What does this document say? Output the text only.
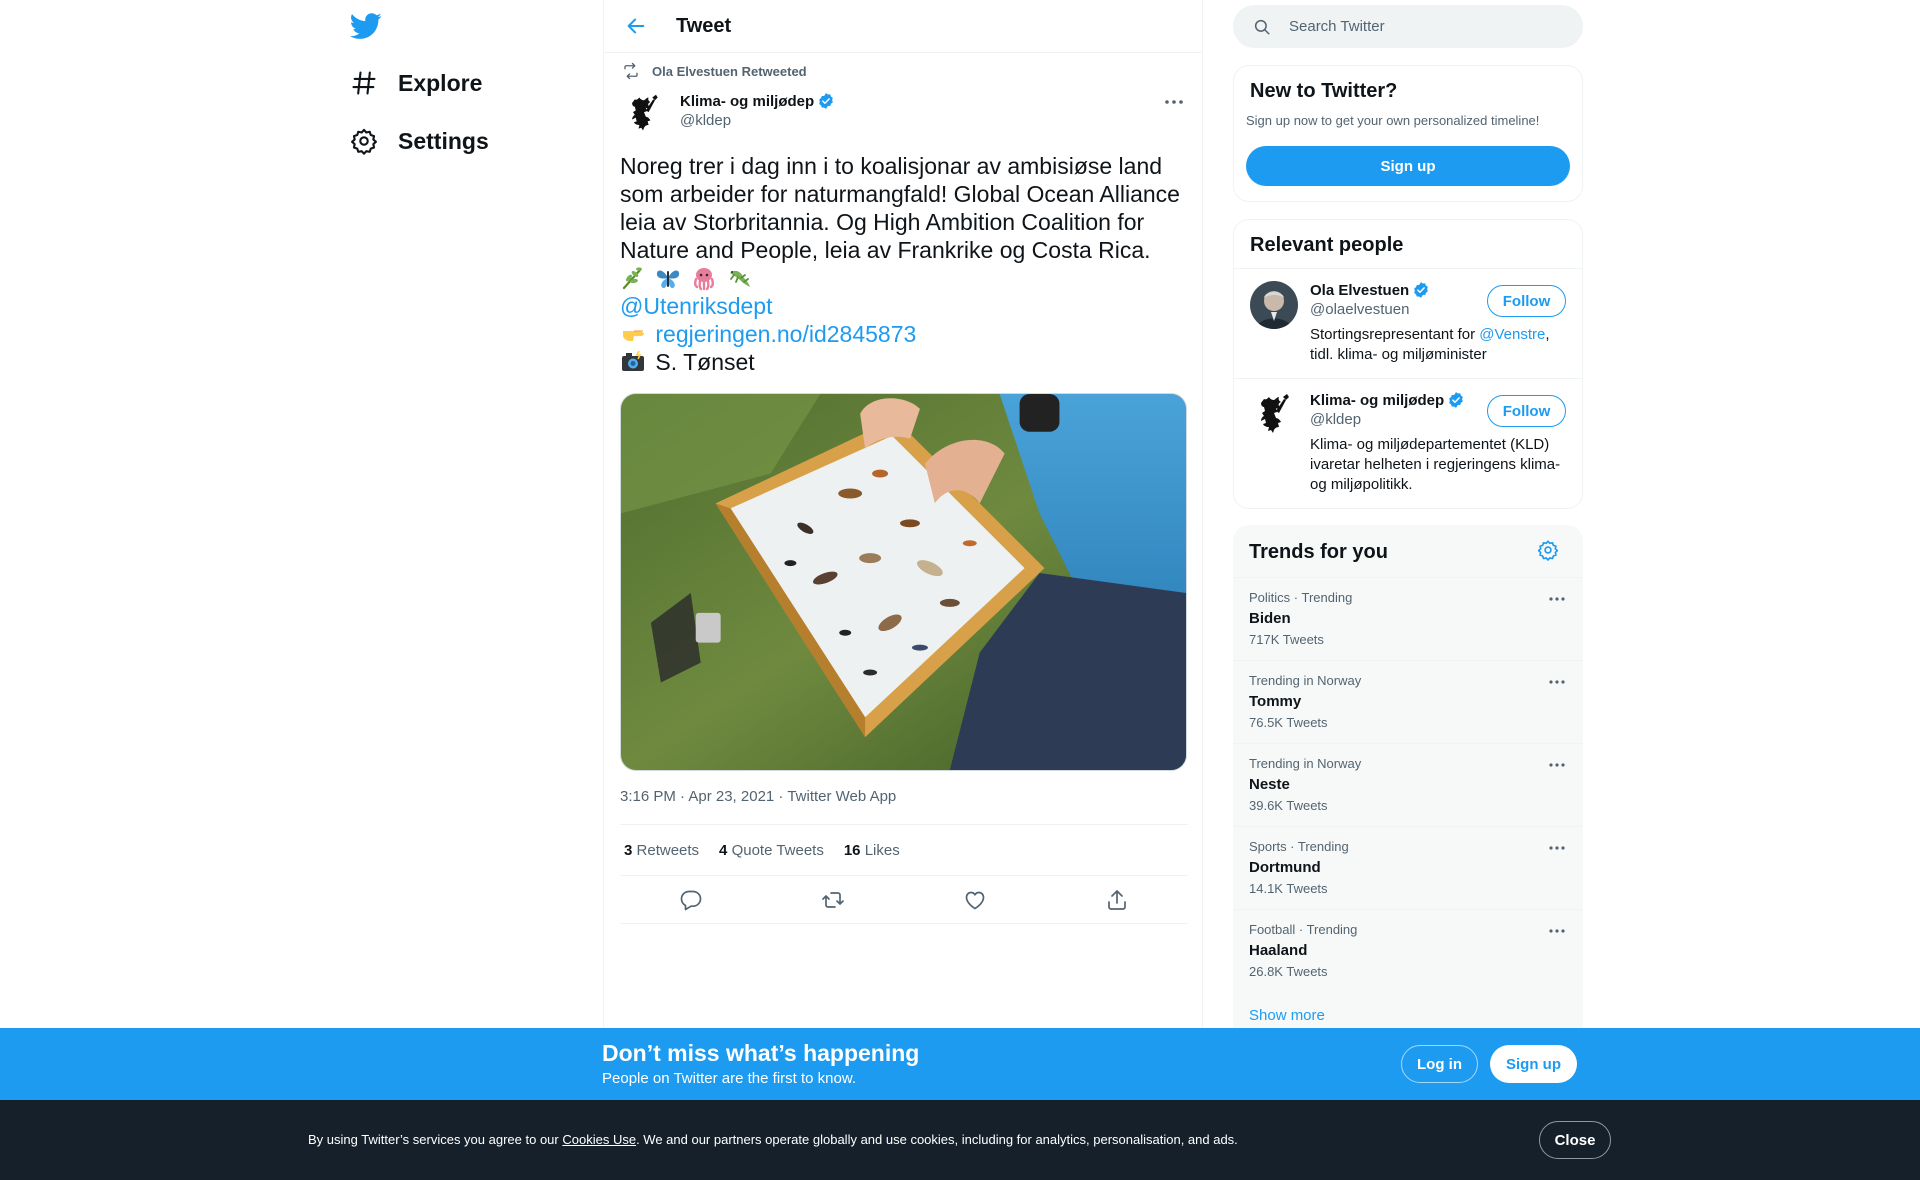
Explore
Settings
Tweet
Ola Elvestuen Retweeted
Klima- og miljødep
@kldep
Noreg trer i dag inn i to koalisjonar av ambisiøse land som arbeider for naturmangfald! Global Ocean Alliance leia av Storbritannia. Og High Ambition Coalition for Nature and People, leia av Frankrike og Costa Rica.

@Utenriksdept
regjeringen.no/id2845873
S. Tønset
3:16 PM · Apr 23, 2021 · Twitter Web App
3 Retweets 4 Quote Tweets 16 Likes
Search Twitter
New to Twitter?
Sign up now to get your own personalized timeline!
Sign up
Relevant people
Ola Elvestuen
@olaelvestuen
Stortingsrepresentant for @Venstre, tidl. klima- og miljøminister
Follow
Klima- og miljødep
@kldep
Klima- og miljødepartementet (KLD) ivaretar helheten i regjeringens klima- og miljøpolitikk.
Follow
Trends for you
Politics · Trending
Biden
717K Tweets
Trending in Norway
Tommy
76.5K Tweets
Trending in Norway
Neste
39.6K Tweets
Sports · Trending
Dortmund
14.1K Tweets
Football · Trending
Haaland
26.8K Tweets
Show more
Don’t miss what’s happening
People on Twitter are the first to know.
Log in	Sign up
By using Twitter’s services you agree to our Cookies Use. We and our partners operate globally and use cookies, including for analytics, personalisation, and ads.	Close
